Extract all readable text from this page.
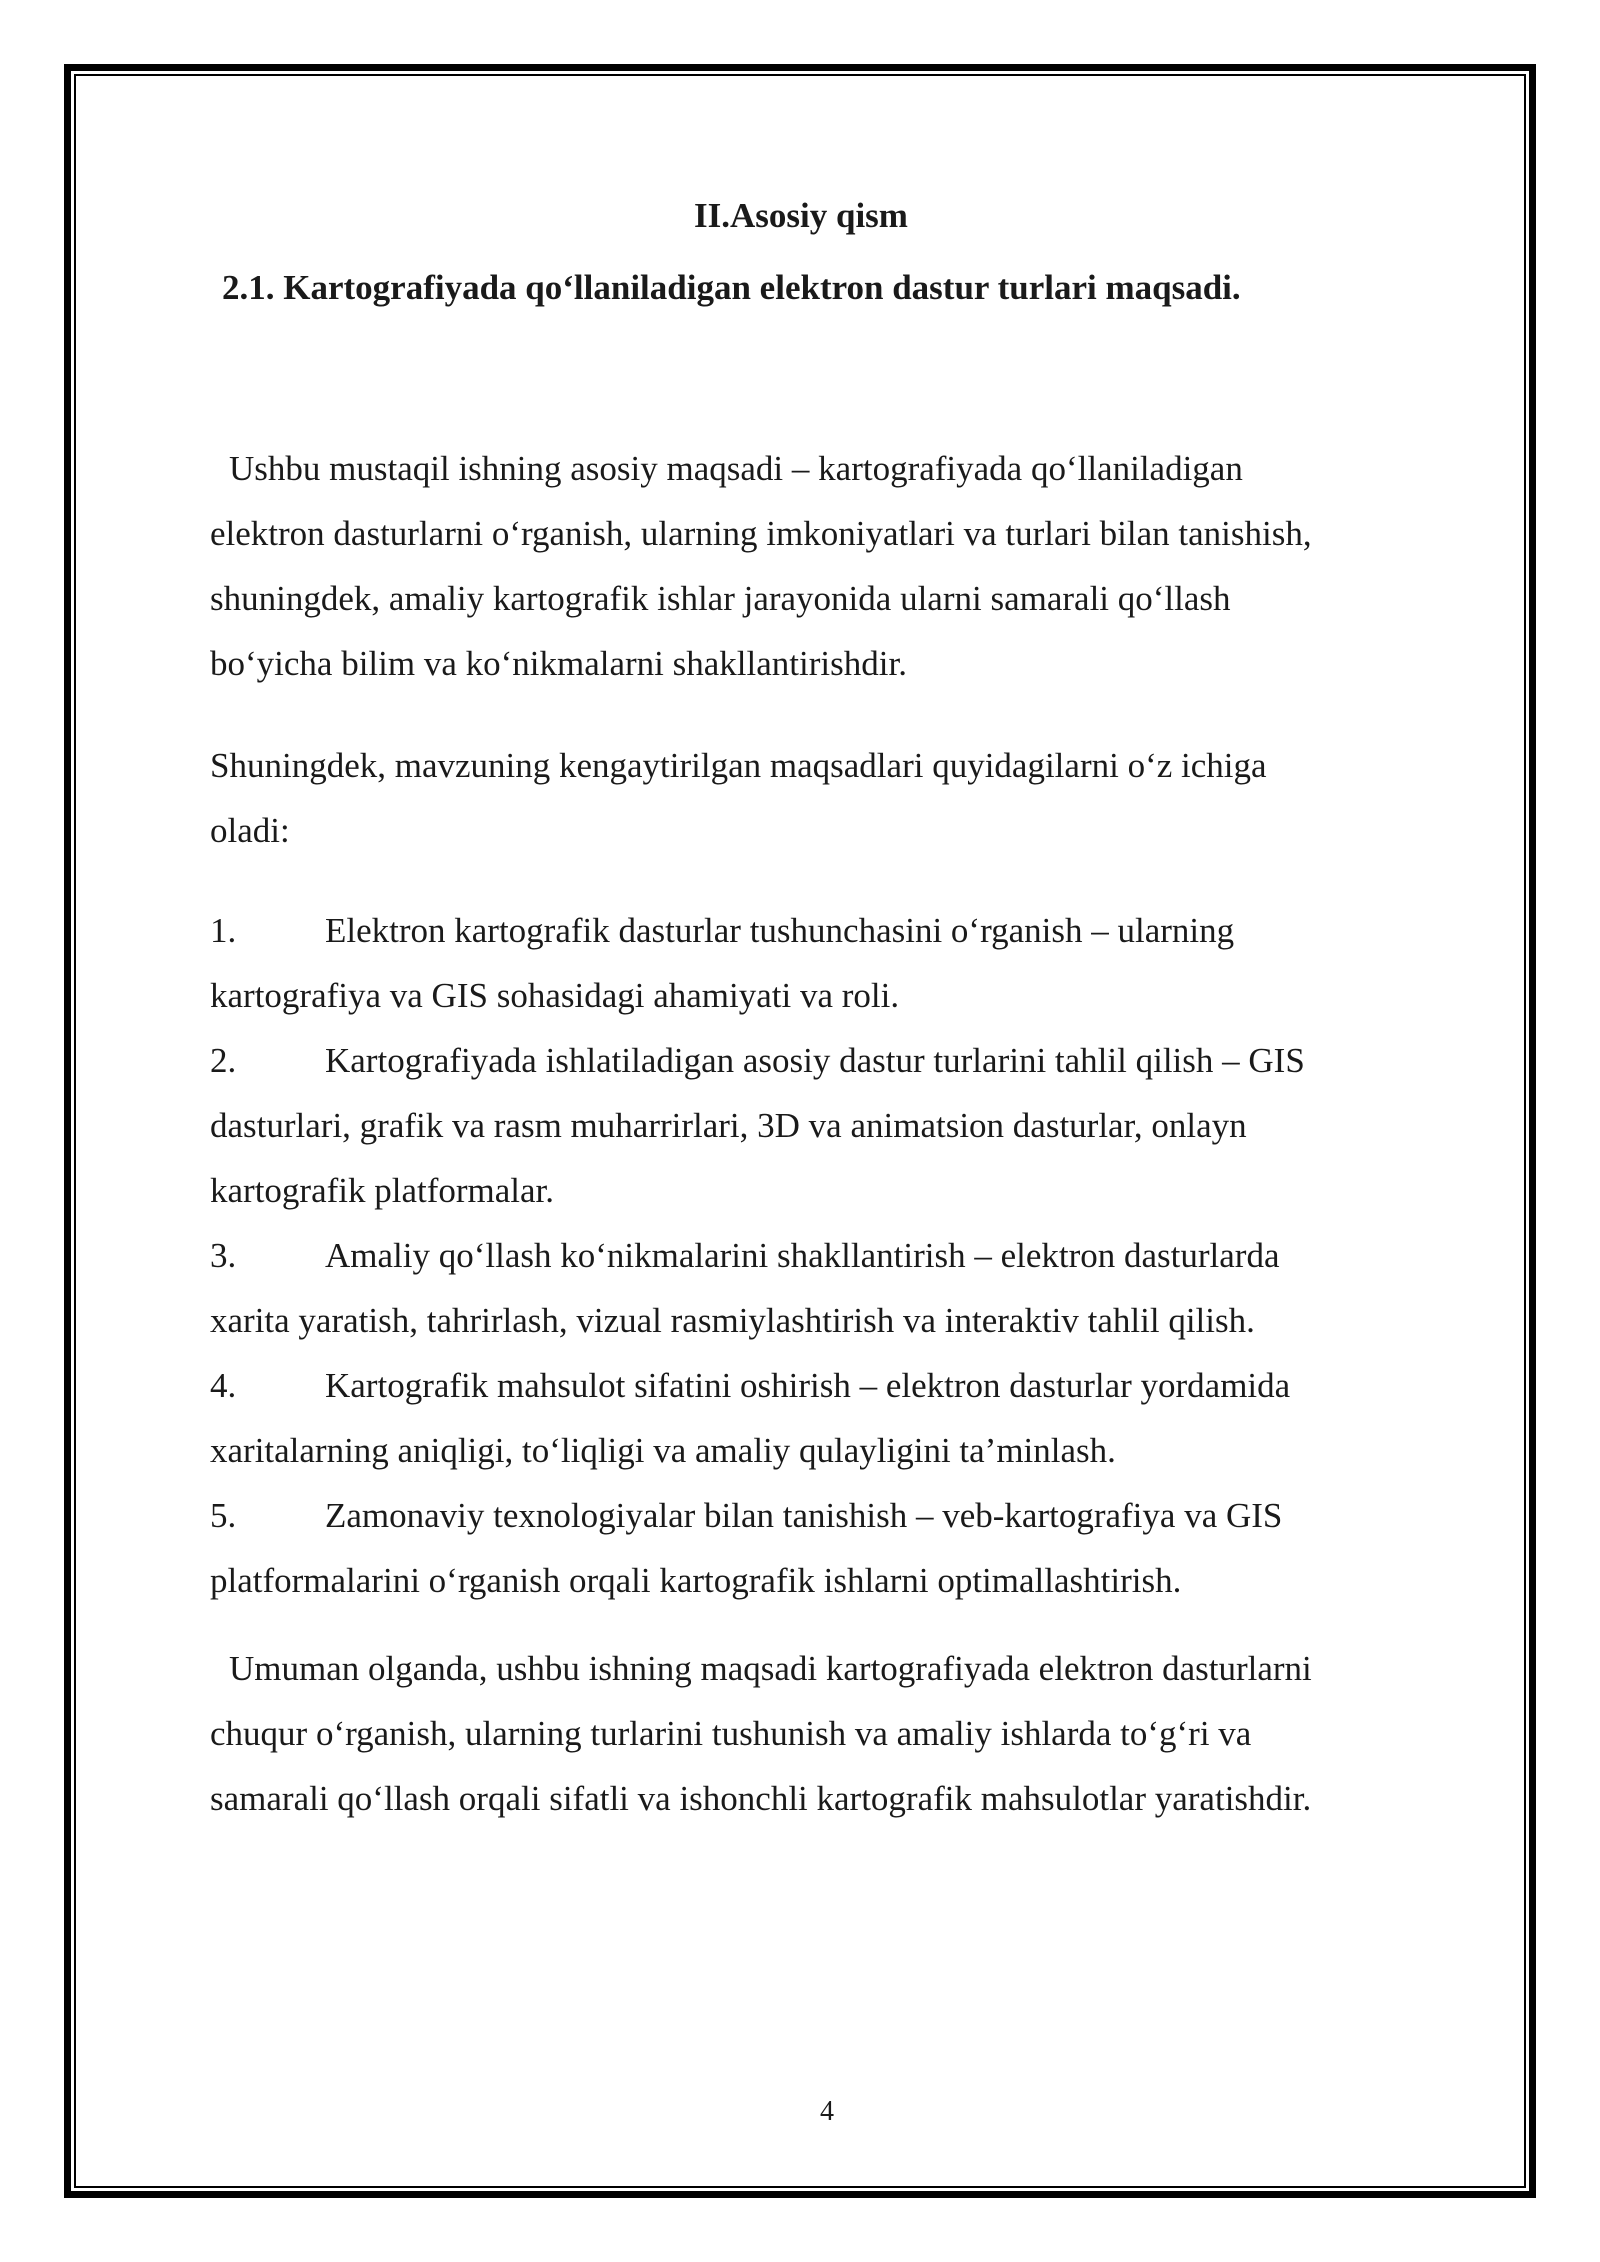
II.Asosiy qism
2.1. Kartografiyada qo‘llaniladigan elektron dastur turlari maqsadi.
Ushbu mustaqil ishning asosiy maqsadi – kartografiyada qo‘llaniladigan
elektron dasturlarni o‘rganish, ularning imkoniyatlari va turlari bilan tanishish,
shuningdek, amaliy kartografik ishlar jarayonida ularni samarali qo‘llash
bo‘yicha bilim va ko‘nikmalarni shakllantirishdir.
Shuningdek, mavzuning kengaytirilgan maqsadlari quyidagilarni o‘z ichiga
oladi:
1.	Elektron kartografik dasturlar tushunchasini o‘rganish – ularning
kartografiya va GIS sohasidagi ahamiyati va roli.
2.	Kartografiyada ishlatiladigan asosiy dastur turlarini tahlil qilish – GIS
dasturlari, grafik va rasm muharrirlari, 3D va animatsion dasturlar, onlayn
kartografik platformalar.
3.	Amaliy qo‘llash ko‘nikmalarini shakllantirish – elektron dasturlarda
xarita yaratish, tahrirlash, vizual rasmiylashtirish va interaktiv tahlil qilish.
4.	Kartografik mahsulot sifatini oshirish – elektron dasturlar yordamida
xaritalarning aniqligi, to‘liqligi va amaliy qulayligini ta’minlash.
5.	Zamonaviy texnologiyalar bilan tanishish – veb-kartografiya va GIS
platformalarini o‘rganish orqali kartografik ishlarni optimallashtirish.
Umuman olganda, ushbu ishning maqsadi kartografiyada elektron dasturlarni
chuqur o‘rganish, ularning turlarini tushunish va amaliy ishlarda to‘g‘ri va
samarali qo‘llash orqali sifatli va ishonchli kartografik mahsulotlar yaratishdir.
4
